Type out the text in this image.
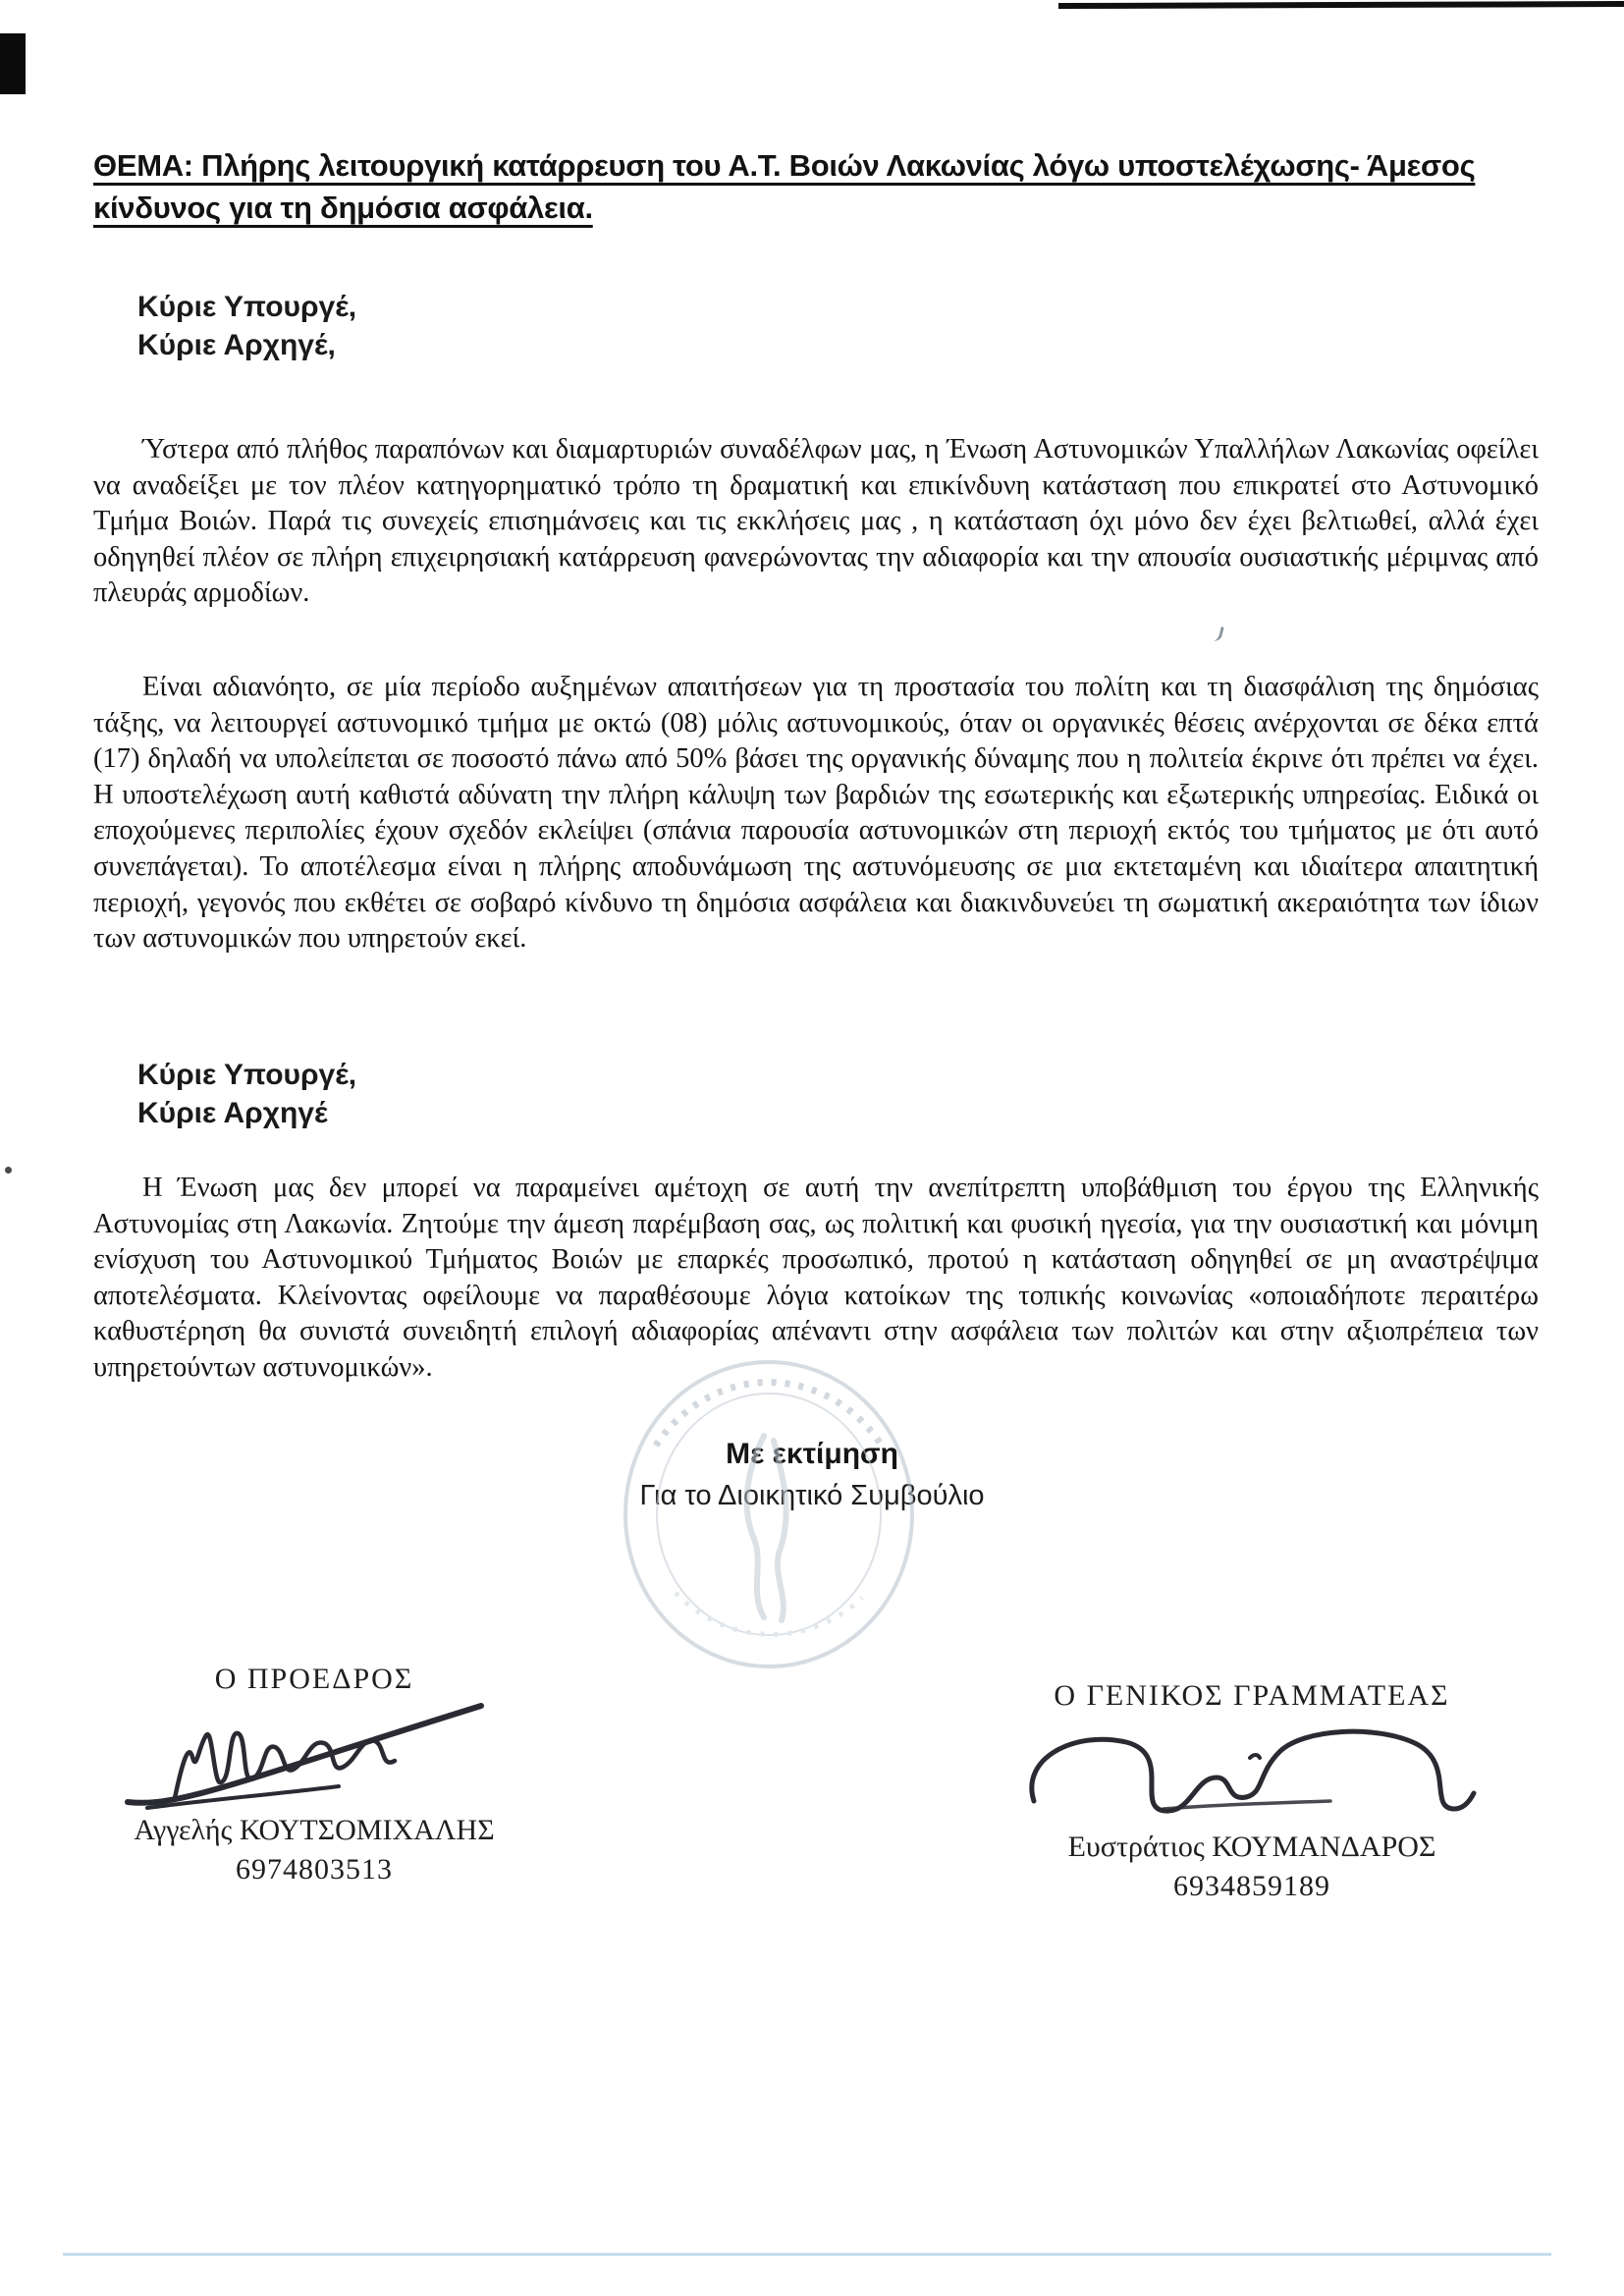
ΘΕΜΑ: Πλήρης λειτουργική κατάρρευση του Α.Τ. Βοιών Λακωνίας λόγω υποστελέχωσης- Άμεσος
κίνδυνος για τη δημόσια ασφάλεια.
Κύριε Υπουργέ,
Κύριε Αρχηγέ,
Ύστερα από πλήθος παραπόνων και διαμαρτυριών συναδέλφων μας, η Ένωση Αστυνομικών Υπαλλήλων Λακωνίας οφείλει να αναδείξει με τον πλέον κατηγορηματικό τρόπο τη δραματική και επικίνδυνη κατάσταση που επικρατεί στο Αστυνομικό Τμήμα Βοιών. Παρά τις συνεχείς επισημάνσεις και τις εκκλήσεις μας , η κατάσταση όχι μόνο δεν έχει βελτιωθεί, αλλά έχει οδηγηθεί πλέον σε πλήρη επιχειρησιακή κατάρρευση φανερώνοντας την αδιαφορία και την απουσία ουσιαστικής μέριμνας από πλευράς αρμοδίων.
Είναι αδιανόητο, σε μία περίοδο αυξημένων απαιτήσεων για τη προστασία του πολίτη και τη διασφάλιση της δημόσιας τάξης, να λειτουργεί αστυνομικό τμήμα με οκτώ (08) μόλις αστυνομικούς, όταν οι οργανικές θέσεις ανέρχονται σε δέκα επτά (17) δηλαδή να υπολείπεται σε ποσοστό πάνω από 50% βάσει της οργανικής δύναμης που η πολιτεία έκρινε ότι πρέπει να έχει. Η υποστελέχωση αυτή καθιστά αδύνατη την πλήρη κάλυψη των βαρδιών της εσωτερικής και εξωτερικής υπηρεσίας. Ειδικά οι εποχούμενες περιπολίες έχουν σχεδόν εκλείψει (σπάνια παρουσία αστυνομικών στη περιοχή εκτός του τμήματος με ότι αυτό συνεπάγεται). Το αποτέλεσμα είναι η πλήρης αποδυνάμωση της αστυνόμευσης σε μια εκτεταμένη και ιδιαίτερα απαιτητική περιοχή, γεγονός που εκθέτει σε σοβαρό κίνδυνο τη δημόσια ασφάλεια και διακινδυνεύει τη σωματική ακεραιότητα των ίδιων των αστυνομικών που υπηρετούν εκεί.
Κύριε Υπουργέ,
Κύριε Αρχηγέ
Η Ένωση μας δεν μπορεί να παραμείνει αμέτοχη σε αυτή την ανεπίτρεπτη υποβάθμιση του έργου της Ελληνικής Αστυνομίας στη Λακωνία. Ζητούμε την άμεση παρέμβαση σας, ως πολιτική και φυσική ηγεσία, για την ουσιαστική και μόνιμη ενίσχυση του Αστυνομικού Τμήματος Βοιών με επαρκές προσωπικό, προτού η κατάσταση οδηγηθεί σε μη αναστρέψιμα αποτελέσματα. Κλείνοντας οφείλουμε να παραθέσουμε λόγια κατοίκων της τοπικής κοινωνίας «οποιαδήποτε περαιτέρω καθυστέρηση θα συνιστά συνειδητή επιλογή αδιαφορίας απέναντι στην ασφάλεια των πολιτών και στην αξιοπρέπεια των υπηρετούντων αστυνομικών».
Με εκτίμηση
Για το Διοικητικό Συμβούλιο
Ο ΠΡΟΕΔΡΟΣ
Αγγελής ΚΟΥΤΣΟΜΙΧΑΛΗΣ
6974803513
Ο ΓΕΝΙΚΟΣ ΓΡΑΜΜΑΤΕΑΣ
Ευστράτιος ΚΟΥΜΑΝΔΑΡΟΣ
6934859189
